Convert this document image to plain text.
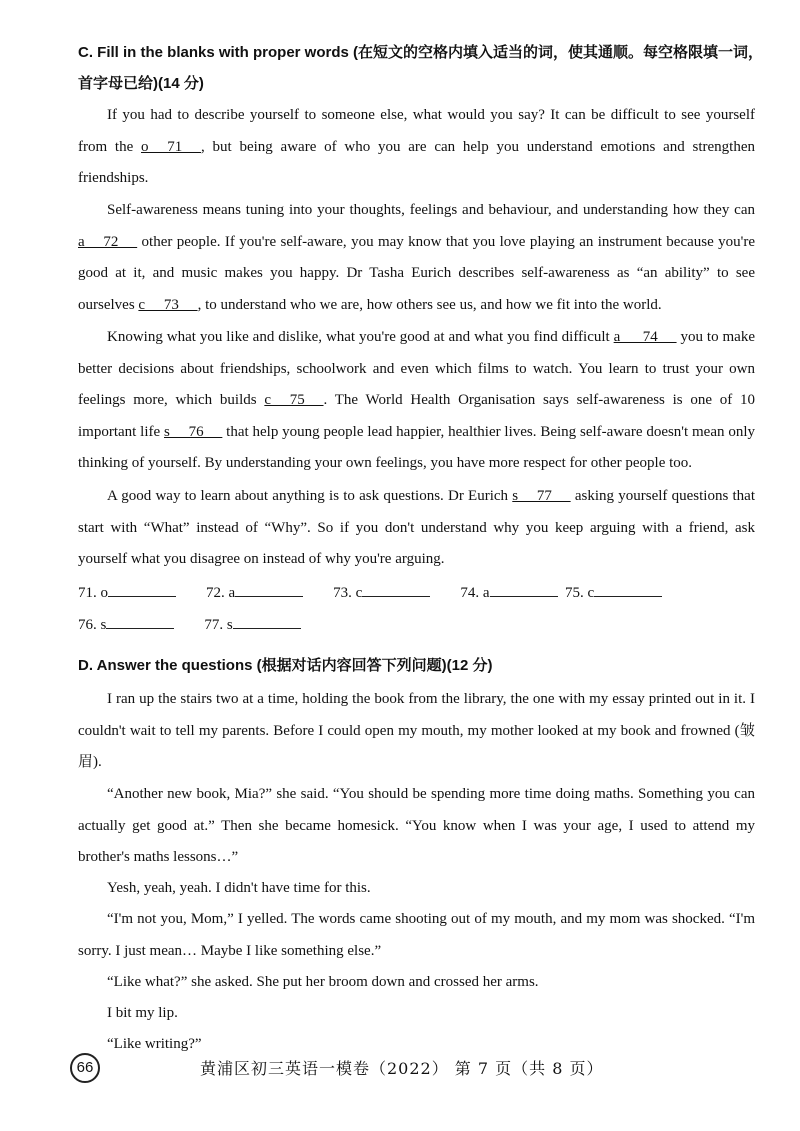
C. Fill in the blanks with proper words (在短文的空格内填入适当的词，使其通顺。每空格限填一词，
首字母已给)(14 分)
If you had to describe yourself to someone else, what would you say? It can be difficult to see yourself from the o     71     , but being aware of who you are can help you understand emotions and strengthen friendships.
Self-awareness means tuning into your thoughts, feelings and behaviour, and understanding how they can a     72      other people. If you're self-aware, you may know that you love playing an instrument because you're good at it, and music makes you happy. Dr Tasha Eurich describes self-awareness as “an ability” to see ourselves c     73     , to understand who we are, how others see us, and how we fit into the world.
Knowing what you like and dislike, what you're good at and what you find difficult a      74      you to make better decisions about friendships, schoolwork and even which films to watch. You learn to trust your own feelings more, which builds c     75     . The World Health Organisation says self-awareness is one of 10 important life s     76      that help young people lead happier, healthier lives. Being self-aware doesn't mean only thinking of yourself. By understanding your own feelings, you have more respect for other people too.
A good way to learn about anything is to ask questions. Dr Eurich s     77      asking yourself questions that start with “What” instead of “Why”. So if you don't understand why you keep arguing with a friend, ask yourself what you disagree on instead of why you're arguing.
71. o	72. a	73. c	74. a	75. c
76. s	77. s
D. Answer the questions (根据对话内容回答下列问题)(12 分)
I ran up the stairs two at a time, holding the book from the library, the one with my essay printed out in it. I couldn't wait to tell my parents. Before I could open my mouth, my mother looked at my book and frowned (皱眉).
“Another new book, Mia?” she said. “You should be spending more time doing maths. Something you can actually get good at.” Then she became homesick. “You know when I was your age, I used to attend my brother's maths lessons…”
Yesh, yeah, yeah. I didn't have time for this.
“I'm not you, Mom,” I yelled. The words came shooting out of my mouth, and my mom was shocked. “I'm sorry. I just mean… Maybe I like something else.”
“Like what?” she asked. She put her broom down and crossed her arms.
I bit my lip.
“Like writing?”
66	黄浦区初三英语一模卷（2022） 第 7 页（共 8 页）
